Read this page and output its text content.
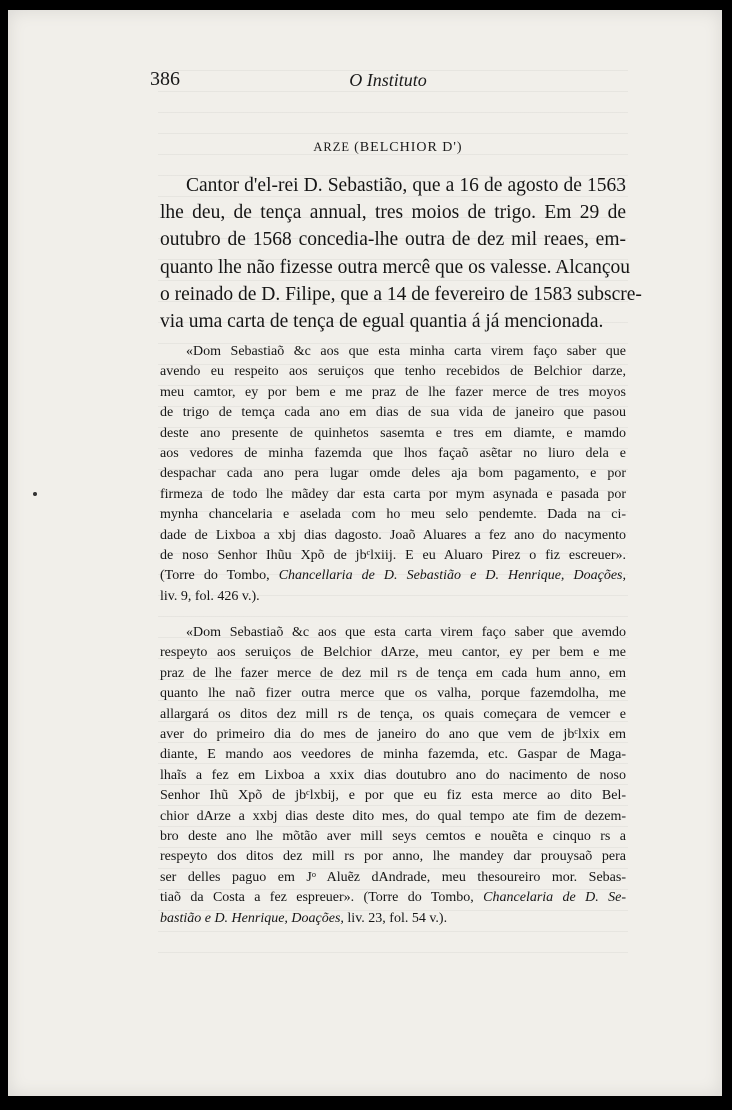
386	O Instituto
ARZE (BELCHIOR D')
Cantor d'el-rei D. Sebastião, que a 16 de agosto de 1563
lhe deu, de tença annual, tres moios de trigo. Em 29 de
outubro de 1568 concedia-lhe outra de dez mil reaes, em-
quanto lhe não fizesse outra mercê que os valesse. Alcançou
o reinado de D. Filipe, que a 14 de fevereiro de 1583 subscre-
via uma carta de tença de egual quantia á já mencionada.
«Dom Sebastiaõ &c aos que esta minha carta virem faço saber que
avendo eu respeito aos seruiços que tenho recebidos de Belchior darze,
meu camtor, ey por bem e me praz de lhe fazer merce de tres moyos
de trigo de temça cada ano em dias de sua vida de janeiro que pasou
deste ano presente de quinhetos sasemta e tres em diamte, e mamdo
aos vedores de minha fazemda que lhos façaõ asẽtar no liuro dela e
despachar cada ano pera lugar omde deles aja bom pagamento, e por
firmeza de todo lhe mãdey dar esta carta por mym asynada e pasada por
mynha chancelaria e aselada com ho meu selo pendemte. Dada na ci-
dade de Lixboa a xbj dias dagosto. Joaõ Aluares a fez ano do nacymento
de noso Senhor Ihũu Xpõ de jbᶜlxiij. E eu Aluaro Pirez o fiz escreuer».
(Torre do Tombo, Chancellaria de D. Sebastião e D. Henrique, Doações,
liv. 9, fol. 426 v.).
«Dom Sebastiaõ &c aos que esta carta virem faço saber que avemdo
respeyto aos seruiços de Belchior dArze, meu cantor, ey per bem e me
praz de lhe fazer merce de dez mil rs de tença em cada hum anno, em
quanto lhe naõ fizer outra merce que os valha, porque fazemdolha, me
allargará os ditos dez mill rs de tença, os quais começara de vemcer e
aver do primeiro dia do mes de janeiro do ano que vem de jbᶜlxix em
diante, E mando aos veedores de minha fazemda, etc. Gaspar de Maga-
lhaĩs a fez em Lixboa a xxix dias doutubro ano do nacimento de noso
Senhor Ihũ Xpõ de jbᶜlxbij, e por que eu fiz esta merce ao dito Bel-
chior dArze a xxbj dias deste dito mes, do qual tempo ate fim de dezem-
bro deste ano lhe mõtão aver mill seys cemtos e nouẽta e cinquo rs a
respeyto dos ditos dez mill rs por anno, lhe mandey dar prouysaõ pera
ser delles paguo em Jᵒ Aluẽz dAndrade, meu thesoureiro mor. Sebas-
tiaõ da Costa a fez espreuer». (Torre do Tombo, Chancelaria de D. Se-
bastião e D. Henrique, Doações, liv. 23, fol. 54 v.).
